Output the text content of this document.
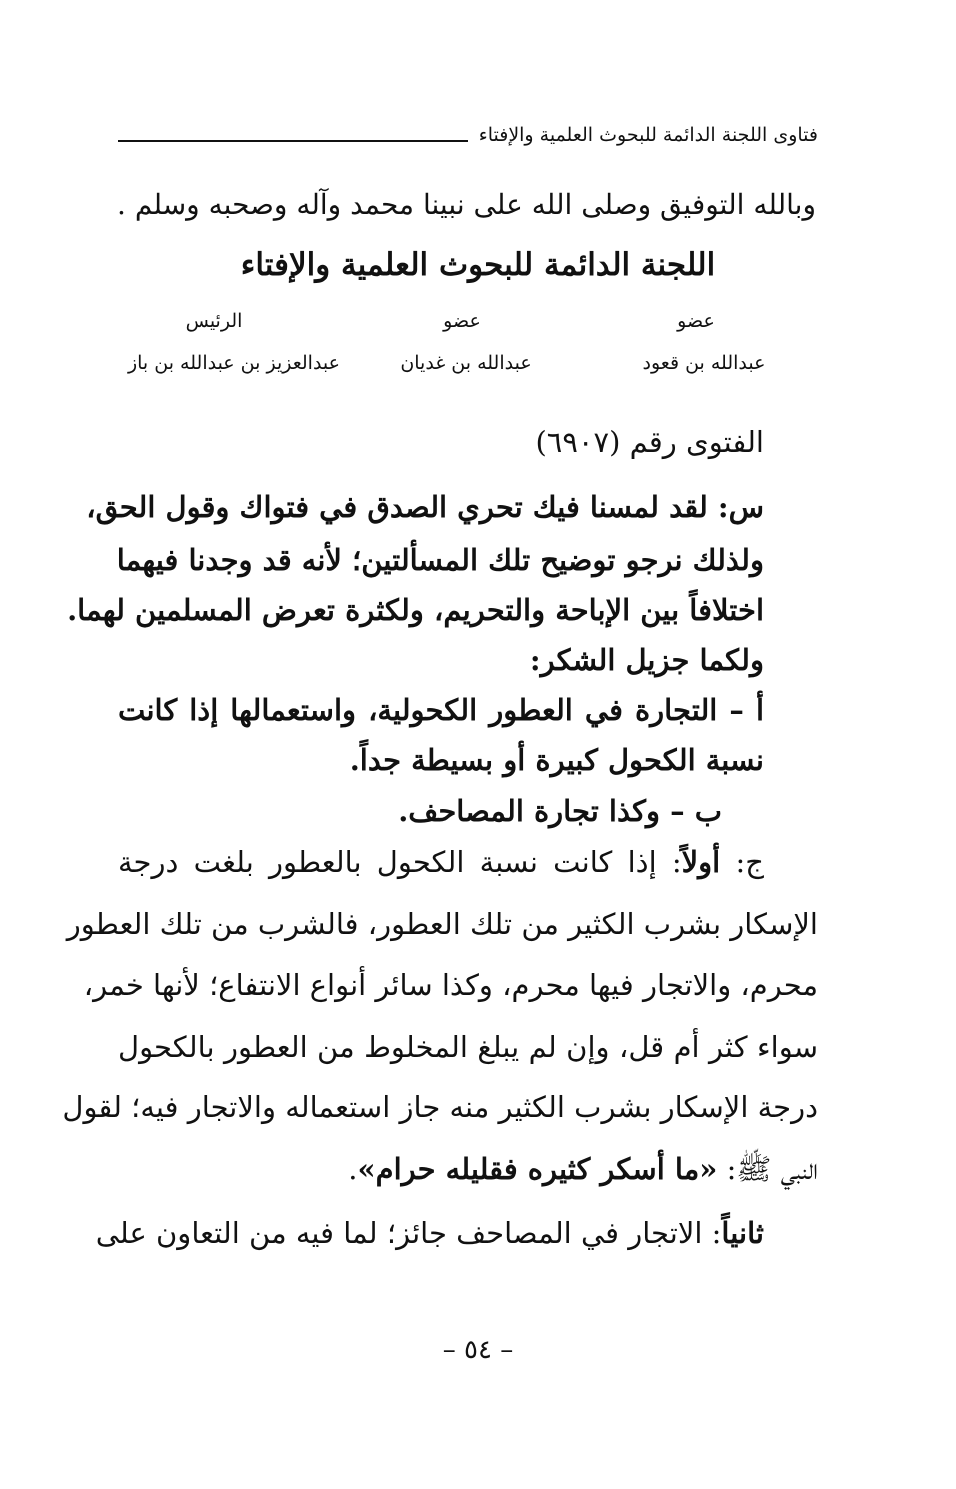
فتاوى اللجنة الدائمة للبحوث العلمية والإفتاء
وبالله التوفيق وصلى الله على نبينا محمد وآله وصحبه وسلم .
اللجنة الدائمة للبحوث العلمية والإفتاء
عضو
عضو
الرئيس
عبدالله بن قعود
عبدالله بن غديان
عبدالعزيز بن عبدالله بن باز
الفتوى رقم (٦٩٠٧)
س: لقد لمسنا فيك تحري الصدق في فتواك وقول الحق،
ولذلك نرجو توضيح تلك المسألتين؛ لأنه قد وجدنا فيهما
اختلافاً بين الإباحة والتحريم، ولكثرة تعرض المسلمين لهما.
ولكما جزيل الشكر:
أ – التجارة في العطور الكحولية، واستعمالها إذا كانت
نسبة الكحول كبيرة أو بسيطة جداً.
ب – وكذا تجارة المصاحف.
ج: أولاً: إذا كانت نسبة الكحول بالعطور بلغت درجة
الإسكار بشرب الكثير من تلك العطور، فالشرب من تلك العطور
محرم، والاتجار فيها محرم، وكذا سائر أنواع الانتفاع؛ لأنها خمر،
سواء كثر أم قل، وإن لم يبلغ المخلوط من العطور بالكحول
درجة الإسكار بشرب الكثير منه جاز استعماله والاتجار فيه؛ لقول
النبي ﷺ: «ما أسكر كثيره فقليله حرام».
ثانياً: الاتجار في المصاحف جائز؛ لما فيه من التعاون على
– ٥٤ –
